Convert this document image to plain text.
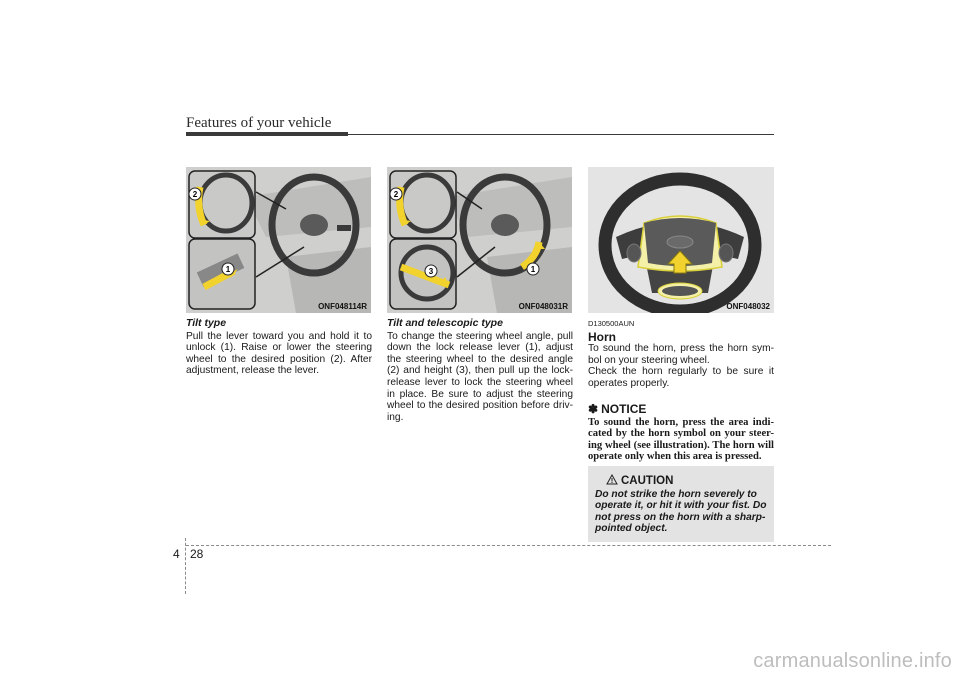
Features of your vehicle
2
1
ONF048114R
2
3	1
ONF048031R	ONF048032

Tilt type

Pull the lever toward you and hold it to unlock (1). Raise or lower the steering wheel to the desired position (2). After adjustment, release the lever.

Tilt and telescopic type

To change the steering wheel angle, pull down the lock release lever (1), adjust the steering wheel to the desired angle (2) and height (3), then pull up the lock-release lever to lock the steering wheel in place. Be sure to adjust the steering wheel to the desired position before driv-ing.

D130500AUN

Horn

To sound the horn, press the horn sym-bol on your steering wheel.

Check the horn regularly to be sure it operates properly.

✽ NOTICE

To sound the horn, press the area indi-cated by the horn symbol on your steer-ing wheel (see illustration). The horn will operate only when this area is pressed.

CAUTION
Do not strike the horn severely to operate it, or hit it with your fist. Do not press on the horn with a sharp-pointed object.
4 28
carmanualsonline.info
